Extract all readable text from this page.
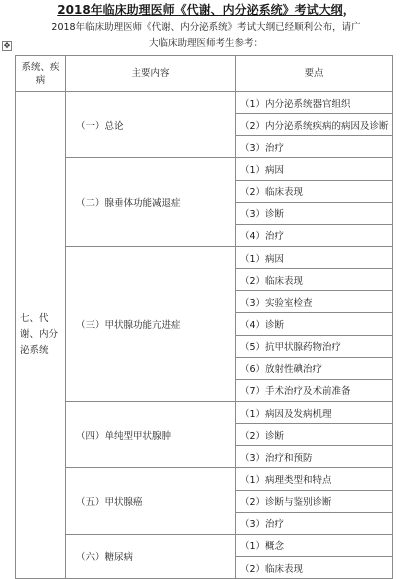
2018年临床助理医师《代谢、内分泌系统》考试大纲，
2018年临床助理医师《代谢、内分泌系统》考试大纲已经顺利公布，请广
✥	大临床助理医师考生参考：
系统、疾病	主要内容	要点
七、代谢、内分泌系统	（一）总论	（1）内分泌系统器官组织
		（2）内分泌系统疾病的病因及诊断
		（3）治疗
	（二）腺垂体功能减退症	（1）病因
		（2）临床表现
		（3）诊断
		（4）治疗
	（三）甲状腺功能亢进症	（1）病因
		（2）临床表现
		（3）实验室检查
		（4）诊断
		（5）抗甲状腺药物治疗
		（6）放射性碘治疗
		（7）手术治疗及术前准备
	（四）单纯型甲状腺肿	（1）病因及发病机理
		（2）诊断
		（3）治疗和预防
	（五）甲状腺癌	（1）病理类型和特点
		（2）诊断与鉴别诊断
		（3）治疗
	（六）糖尿病	（1）概念
		（2）临床表现
